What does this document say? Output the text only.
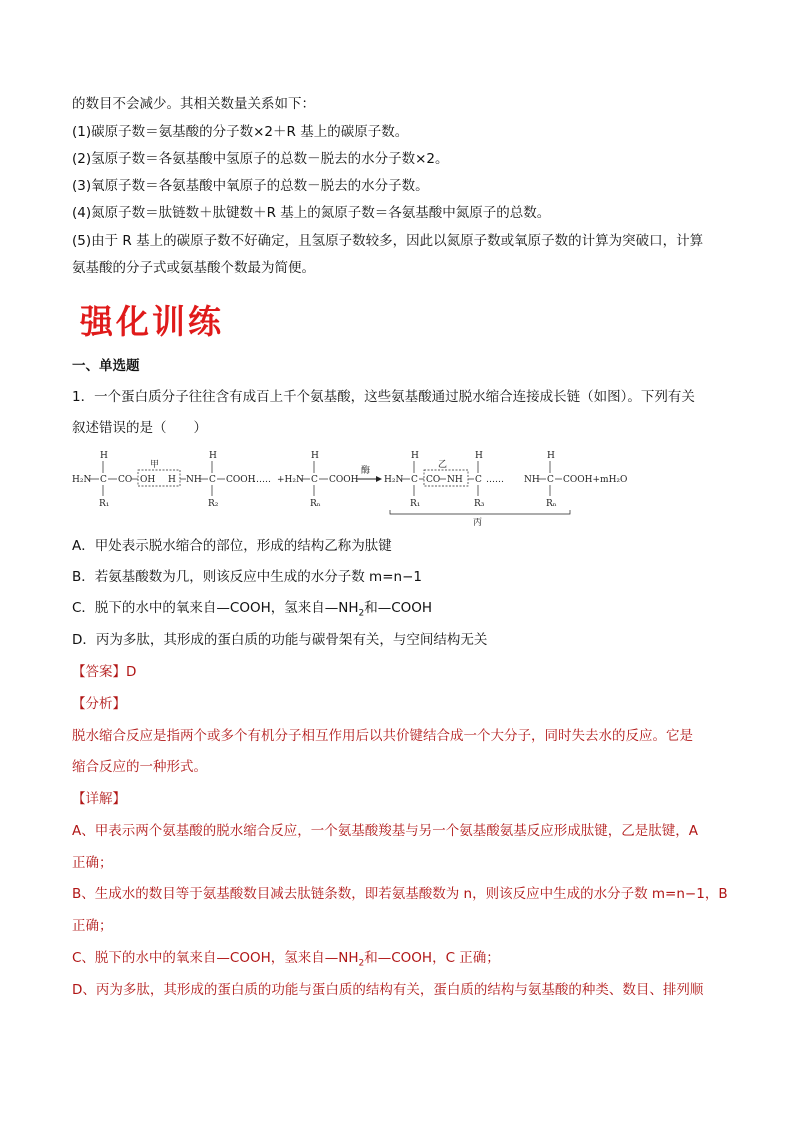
的数目不会减少。其相关数量关系如下：
(1)碳原子数＝氨基酸的分子数×2＋R 基上的碳原子数。
(2)氢原子数＝各氨基酸中氢原子的总数－脱去的水分子数×2。
(3)氧原子数＝各氨基酸中氧原子的总数－脱去的水分子数。
(4)氮原子数＝肽链数＋肽键数＋R 基上的氮原子数＝各氨基酸中氮原子的总数。
(5)由于 R 基上的碳原子数不好确定，且氢原子数较多，因此以氮原子数或氧原子数的计算为突破口，计算
氨基酸的分子式或氨基酸个数最为简便。
强化训练
一、单选题
1．一个蛋白质分子往往含有成百上千个氨基酸，这些氨基酸通过脱水缩合连接成长链（如图）。下列有关
叙述错误的是（　　）
H₂N
H
C
R₁
CO
甲
OH H NH
H
C
R₂
COOH
…… +H₂N
H
C
Rₙ
COOH
酶
H₂N
H
C
R₁
乙
CO NH
H
C
R₃
…… NH
H
C
Rₙ
COOH+mH₂O
丙
A．甲处表示脱水缩合的部位，形成的结构乙称为肽键
B．若氨基酸数为几，则该反应中生成的水分子数 m=n−1
C．脱下的水中的氧来自—COOH，氢来自$—NH_2$和—COOH
D．丙为多肽，其形成的蛋白质的功能与碳骨架有关，与空间结构无关
【答案】D
【分析】
脱水缩合反应是指两个或多个有机分子相互作用后以共价键结合成一个大分子，同时失去水的反应。它是
缩合反应的一种形式。
【详解】
A、甲表示两个氨基酸的脱水缩合反应，一个氨基酸羧基与另一个氨基酸氨基反应形成肽键，乙是肽键，A
正确；
B、生成水的数目等于氨基酸数目减去肽链条数，即若氨基酸数为 n，则该反应中生成的水分子数 m=n−1，B
正确；
C、脱下的水中的氧来自—COOH，氢来自$—NH_2$和—COOH，C 正确；
D、丙为多肽，其形成的蛋白质的功能与蛋白质的结构有关，蛋白质的结构与氨基酸的种类、数目、排列顺
